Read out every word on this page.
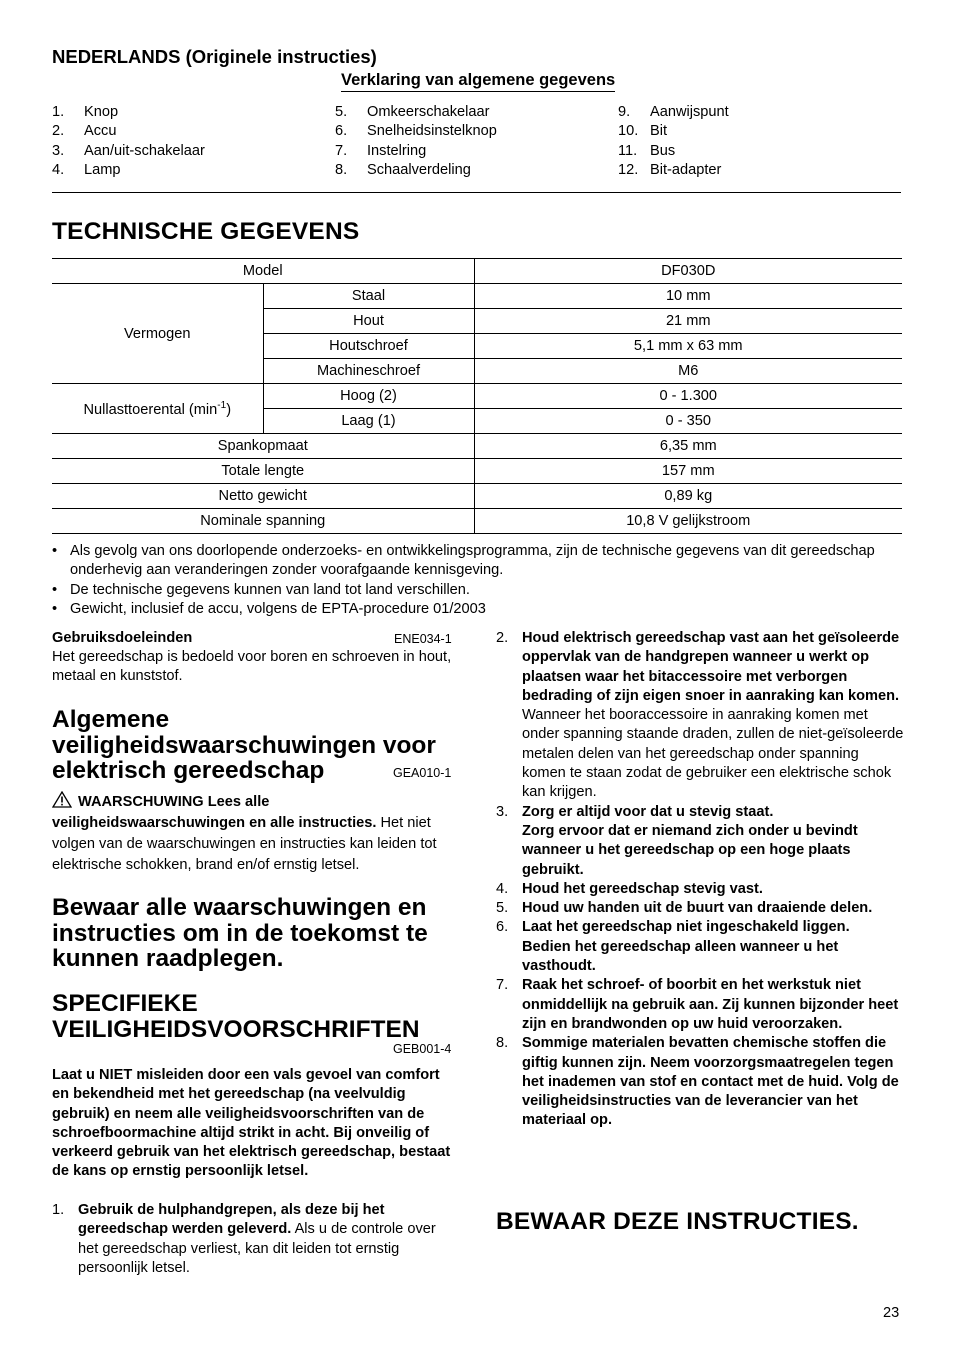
NEDERLANDS (Originele instructies)
Verklaring van algemene gegevens
1. Knop
2. Accu
3. Aan/uit-schakelaar
4. Lamp
5. Omkeerschakelaar
6. Snelheidsinstelknop
7. Instelring
8. Schaalverdeling
9. Aanwijspunt
10. Bit
11. Bus
12. Bit-adapter
TECHNISCHE GEGEVENS
Model		DF030D
Vermogen	Staal	10 mm
	Hout	21 mm
	Houtschroef	5,1 mm x 63 mm
	Machineschroef	M6
Nullasttoerental $(\min^{-1})$	Hoog (2)	0 - 1.300
	Laag (1)	0 - 350
Spankopmaat		6,35 mm
Totale lengte		157 mm
Netto gewicht		0,89 kg
Nominale spanning		10,8 V gelijkstroom
• Als gevolg van ons doorlopende onderzoeks- en ontwikkelingsprogramma, zijn de technische gegevens van dit gereedschap onderhevig aan veranderingen zonder voorafgaande kennisgeving.
• De technische gegevens kunnen van land tot land verschillen.
• Gewicht, inclusief de accu, volgens de EPTA-procedure 01/2003
Gebruiksdoeleinden	ENE034-1
Het gereedschap is bedoeld voor boren en schroeven in hout, metaal en kunststof.
Algemene veiligheidswaarschuwingen voor elektrisch gereedschap	GEA010-1
WAARSCHUWING Lees alle veiligheidswaarschuwingen en alle instructies. Het niet volgen van de waarschuwingen en instructies kan leiden tot elektrische schokken, brand en/of ernstig letsel.
Bewaar alle waarschuwingen en instructies om in de toekomst te kunnen raadplegen.
SPECIFIEKE VEILIGHEIDSVOORSCHRIFTEN
GEB001-4
Laat u NIET misleiden door een vals gevoel van comfort en bekendheid met het gereedschap (na veelvuldig gebruik) en neem alle veiligheidsvoorschriften van de schroefboormachine altijd strikt in acht. Bij onveilig of verkeerd gebruik van het elektrisch gereedschap, bestaat de kans op ernstig persoonlijk letsel.
1. Gebruik de hulphandgrepen, als deze bij het gereedschap werden geleverd. Als u de controle over het gereedschap verliest, kan dit leiden tot ernstig persoonlijk letsel.
2. Houd elektrisch gereedschap vast aan het geïsoleerde oppervlak van de handgrepen wanneer u werkt op plaatsen waar het bitaccessoire met verborgen bedrading of zijn eigen snoer in aanraking kan komen. Wanneer het booraccessoire in aanraking komen met onder spanning staande draden, zullen de niet-geïsoleerde metalen delen van het gereedschap onder spanning komen te staan zodat de gebruiker een elektrische schok kan krijgen.
3. Zorg er altijd voor dat u stevig staat.
Zorg ervoor dat er niemand zich onder u bevindt wanneer u het gereedschap op een hoge plaats gebruikt.
4. Houd het gereedschap stevig vast.
5. Houd uw handen uit de buurt van draaiende delen.
6. Laat het gereedschap niet ingeschakeld liggen.
Bedien het gereedschap alleen wanneer u het vasthoudt.
7. Raak het schroef- of boorbit en het werkstuk niet onmiddellijk na gebruik aan. Zij kunnen bijzonder heet zijn en brandwonden op uw huid veroorzaken.
8. Sommige materialen bevatten chemische stoffen die giftig kunnen zijn. Neem voorzorgsmaatregelen tegen het inademen van stof en contact met de huid. Volg de veiligheidsinstructies van de leverancier van het materiaal op.
BEWAAR DEZE INSTRUCTIES.
23
